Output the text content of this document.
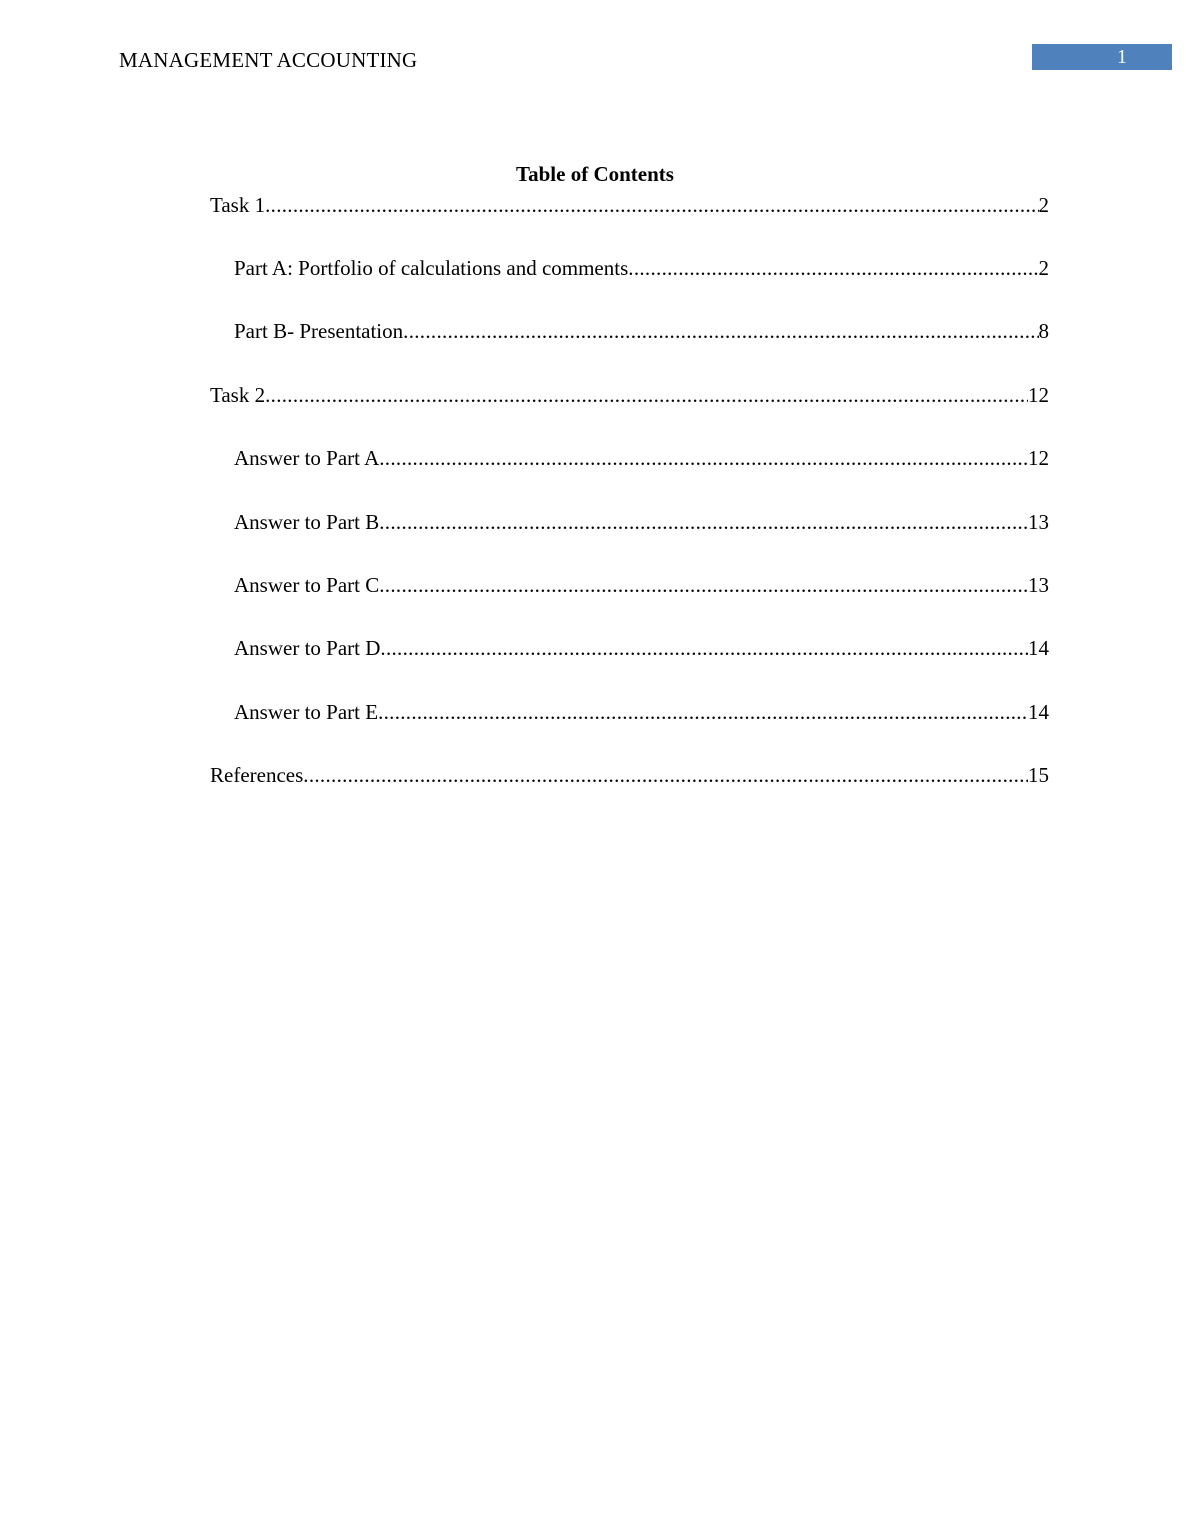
MANAGEMENT ACCOUNTING	1
Table of Contents
Task 1 .....	2
Part A: Portfolio of calculations and comments .....	2
Part B- Presentation .....	8
Task 2 .....	12
Answer to Part A .....	12
Answer to Part B .....	13
Answer to Part C .....	13
Answer to Part D .....	14
Answer to Part E .....	14
References .....	15
